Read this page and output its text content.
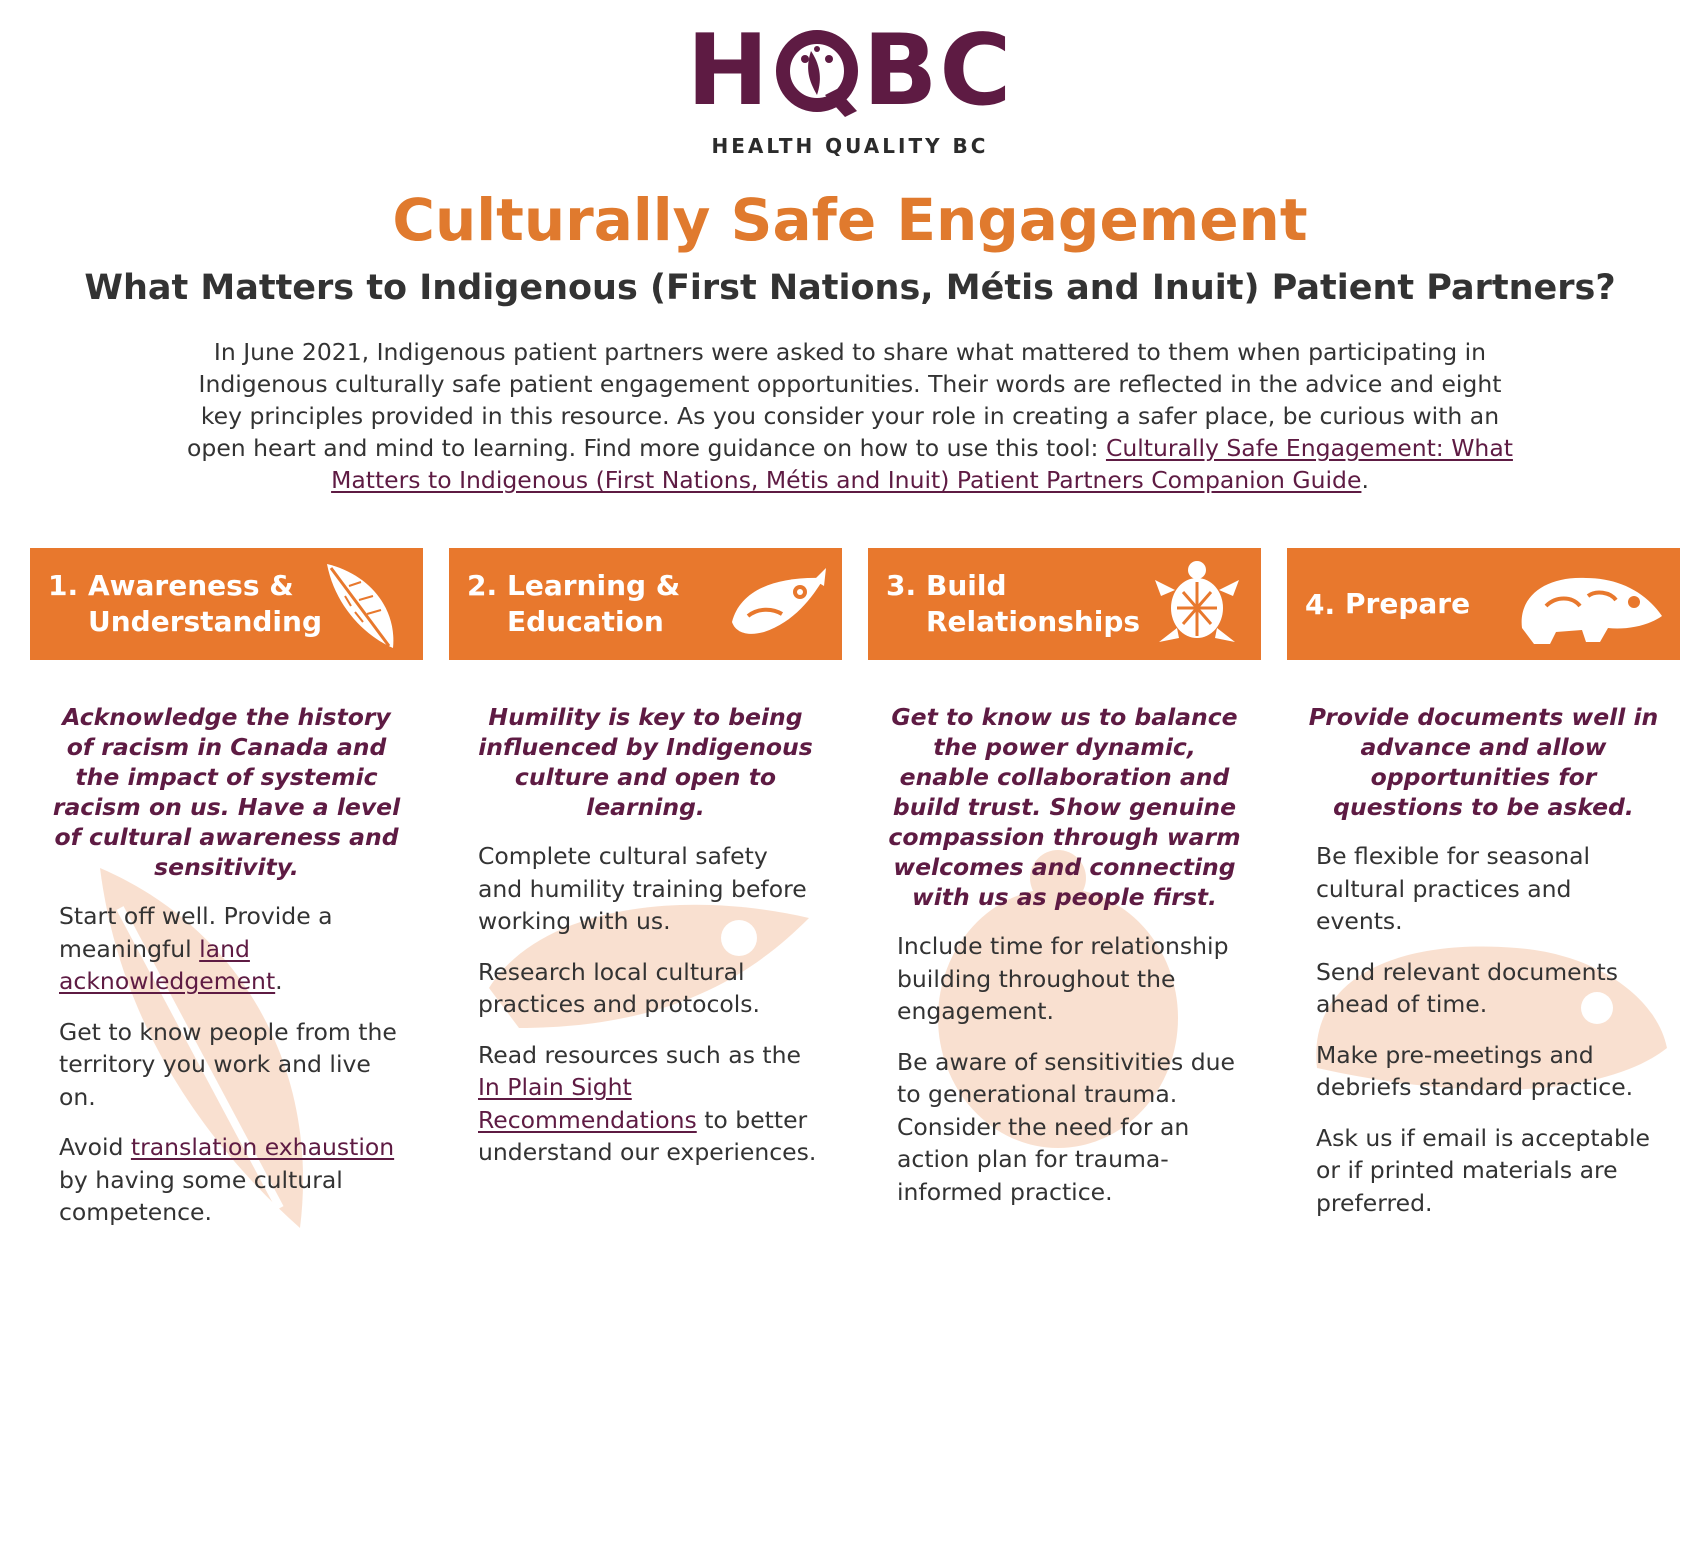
H BC
HEALTH QUALITY BC
Culturally Safe Engagement
What Matters to Indigenous (First Nations, Métis and Inuit) Patient Partners?

In June 2021, Indigenous patient partners were asked to share what mattered to them when participating in Indigenous culturally safe patient engagement opportunities. Their words are reflected in the advice and eight key principles provided in this resource. As you consider your role in creating a safer place, be curious with an open heart and mind to learning. Find more guidance on how to use this tool: Culturally Safe Engagement: What Matters to Indigenous (First Nations, Métis and Inuit) Patient Partners Companion Guide.

1. Awareness &
Understanding
Acknowledge the history of racism in Canada and the impact of systemic racism on us. Have a level of cultural awareness and sensitivity.

Start off well. Provide a meaningful land acknowledgement.

Get to know people from the territory you work and live on.

Avoid translation exhaustion by having some cultural competence.

2. Learning &
Education
Humility is key to being influenced by Indigenous culture and open to learning.

Complete cultural safety and humility training before working with us.

Research local cultural practices and protocols.

Read resources such as the In Plain Sight Recommendations to better understand our experiences.

3. Build
Relationships
Get to know us to balance the power dynamic, enable collaboration and build trust. Show genuine compassion through warm welcomes and connecting with us as people first.

Include time for relationship building throughout the engagement.

Be aware of sensitivities due to generational trauma. Consider the need for an action plan for trauma-informed practice.

4. Prepare
Provide documents well in advance and allow opportunities for questions to be asked.

Be flexible for seasonal cultural practices and events.

Send relevant documents ahead of time.

Make pre-meetings and debriefs standard practice.

Ask us if email is acceptable or if printed materials are preferred.
